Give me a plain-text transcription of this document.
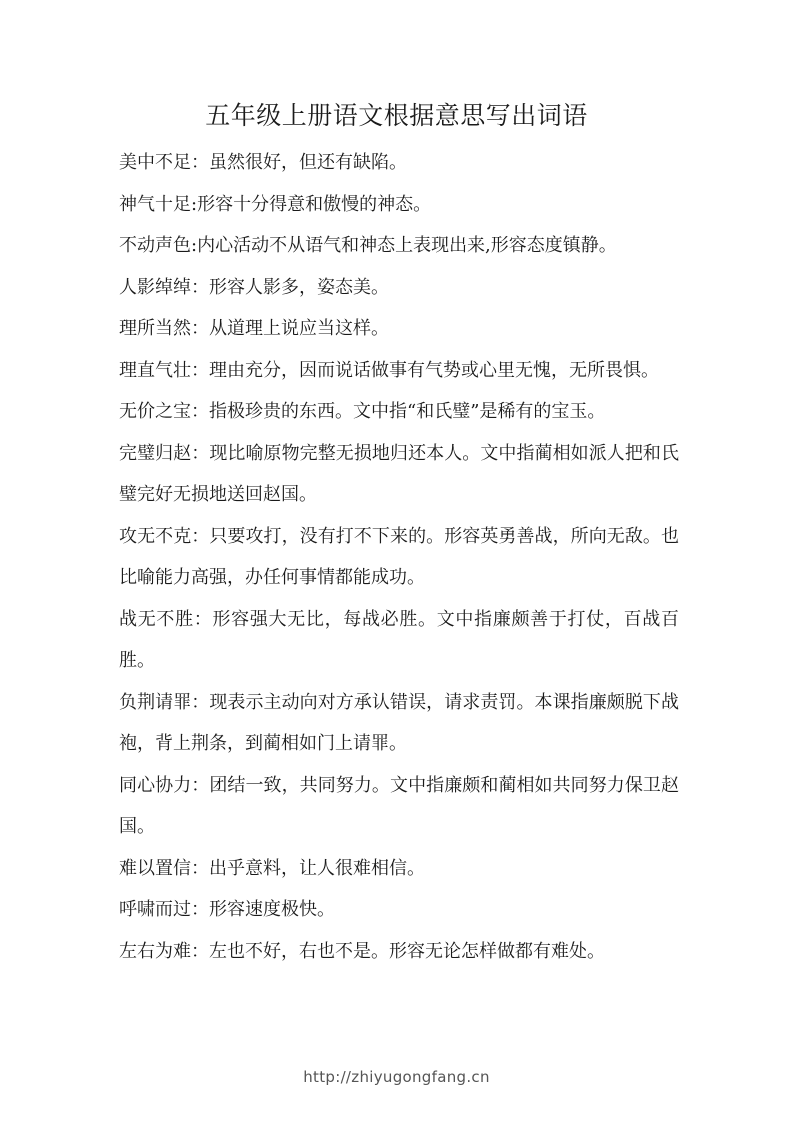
五年级上册语文根据意思写出词语
美中不足：虽然很好，但还有缺陷。
神气十足:形容十分得意和傲慢的神态。
不动声色:内心活动不从语气和神态上表现出来,形容态度镇静。
人影绰绰：形容人影多，姿态美。
理所当然：从道理上说应当这样。
理直气壮：理由充分，因而说话做事有气势或心里无愧，无所畏惧。
无价之宝：指极珍贵的东西。文中指“和氏璧”是稀有的宝玉。
完璧归赵：现比喻原物完整无损地归还本人。文中指蔺相如派人把和氏璧完好无损地送回赵国。
攻无不克：只要攻打，没有打不下来的。形容英勇善战，所向无敌。也比喻能力高强，办任何事情都能成功。
战无不胜：形容强大无比，每战必胜。文中指廉颇善于打仗，百战百胜。
负荆请罪：现表示主动向对方承认错误，请求责罚。本课指廉颇脱下战袍，背上荆条，到蔺相如门上请罪。
同心协力：团结一致，共同努力。文中指廉颇和蔺相如共同努力保卫赵国。
难以置信：出乎意料，让人很难相信。
呼啸而过：形容速度极快。
左右为难：左也不好，右也不是。形容无论怎样做都有难处。
http://zhiyugongfang.cn
